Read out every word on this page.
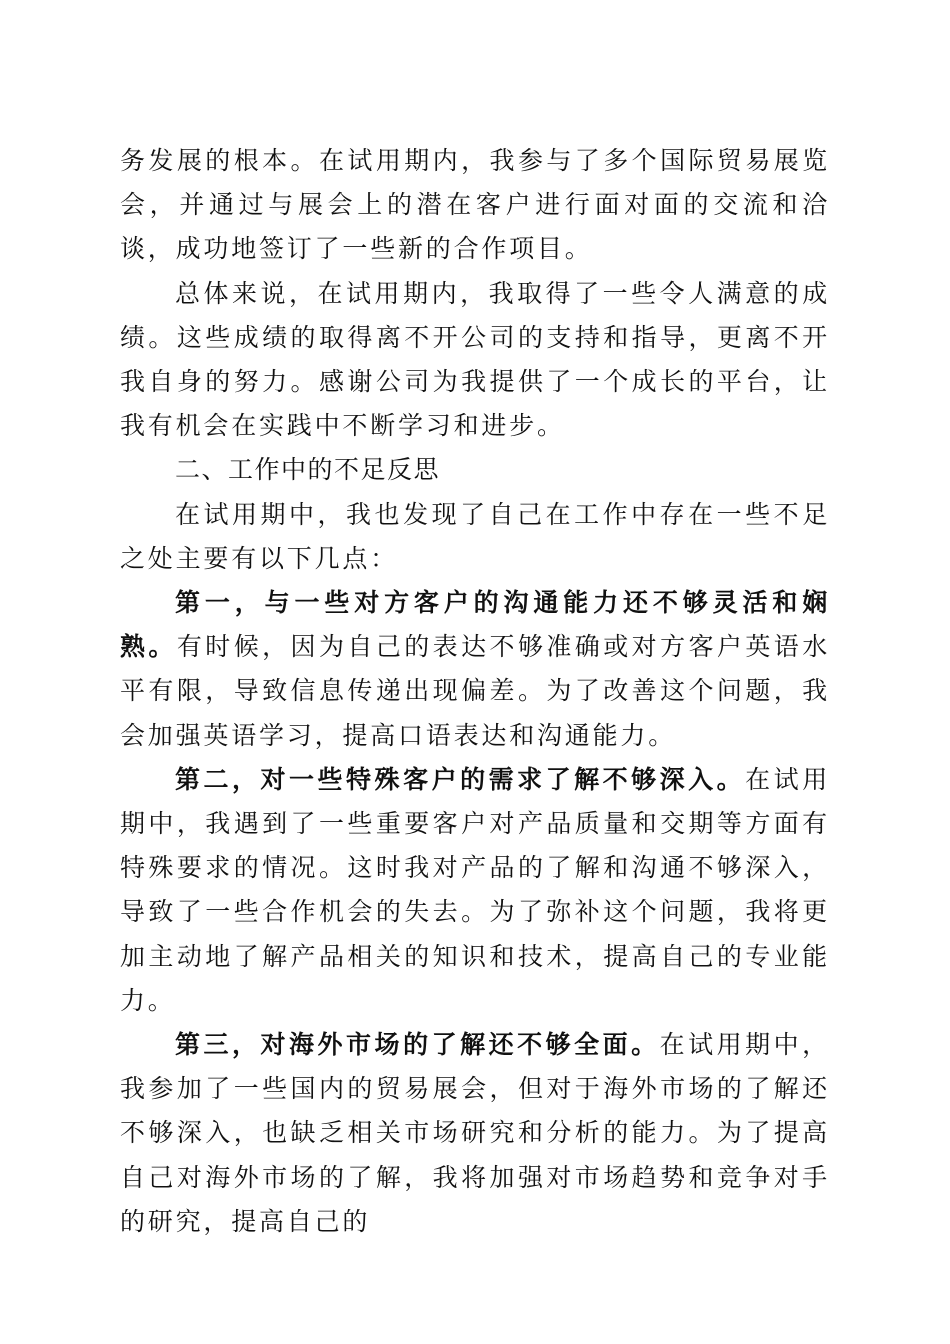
务发展的根本。在试用期内，我参与了多个国际贸易展览会，并通过与展会上的潜在客户进行面对面的交流和洽谈，成功地签订了一些新的合作项目。

总体来说，在试用期内，我取得了一些令人满意的成绩。这些成绩的取得离不开公司的支持和指导，更离不开我自身的努力。感谢公司为我提供了一个成长的平台，让我有机会在实践中不断学习和进步。

二、工作中的不足反思

在试用期中，我也发现了自己在工作中存在一些不足之处主要有以下几点：

第一，与一些对方客户的沟通能力还不够灵活和娴熟。有时候，因为自己的表达不够准确或对方客户英语水平有限，导致信息传递出现偏差。为了改善这个问题，我会加强英语学习，提高口语表达和沟通能力。

第二，对一些特殊客户的需求了解不够深入。在试用期中，我遇到了一些重要客户对产品质量和交期等方面有特殊要求的情况。这时我对产品的了解和沟通不够深入，导致了一些合作机会的失去。为了弥补这个问题，我将更加主动地了解产品相关的知识和技术，提高自己的专业能力。

第三，对海外市场的了解还不够全面。在试用期中，我参加了一些国内的贸易展会，但对于海外市场的了解还不够深入，也缺乏相关市场研究和分析的能力。为了提高自己对海外市场的了解，我将加强对市场趋势和竞争对手的研究，提高自己的
